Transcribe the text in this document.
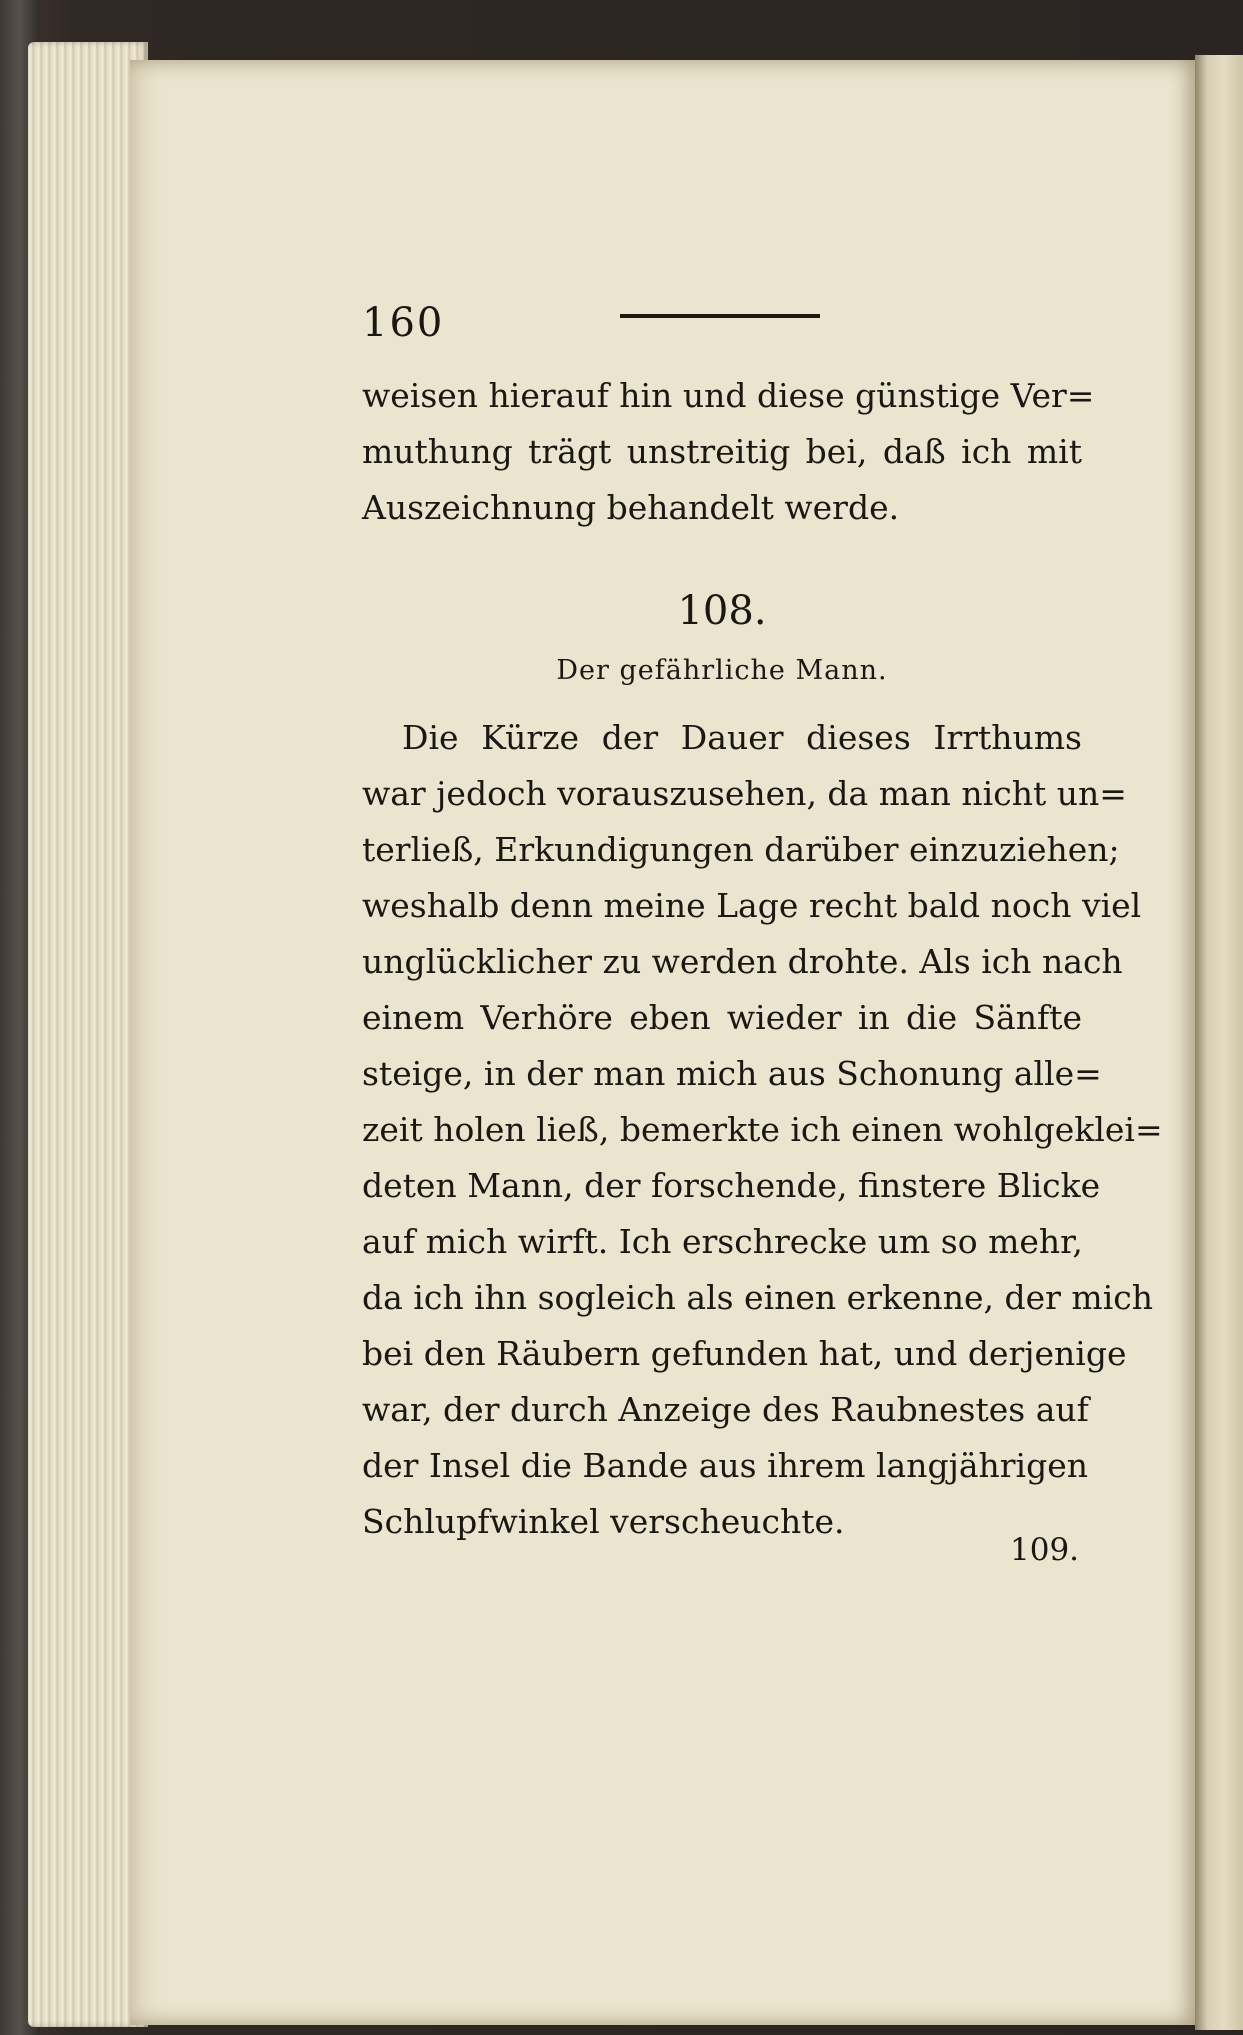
160
weisen hierauf hin und diese günstige Ver=
muthung trägt unstreitig bei, daß ich mit
Auszeichnung behandelt werde.
108.
Der gefährliche Mann.
Die Kürze der Dauer dieses Irrthums
war jedoch vorauszusehen, da man nicht un=
terließ, Erkundigungen darüber einzuziehen;
weshalb denn meine Lage recht bald noch viel
unglücklicher zu werden drohte. Als ich nach
einem Verhöre eben wieder in die Sänfte
steige, in der man mich aus Schonung alle=
zeit holen ließ, bemerkte ich einen wohlgeklei=
deten Mann, der forschende, finstere Blicke
auf mich wirft. Ich erschrecke um so mehr,
da ich ihn sogleich als einen erkenne, der mich
bei den Räubern gefunden hat, und derjenige
war, der durch Anzeige des Raubnestes auf
der Insel die Bande aus ihrem langjährigen
Schlupfwinkel verscheuchte.
109.
